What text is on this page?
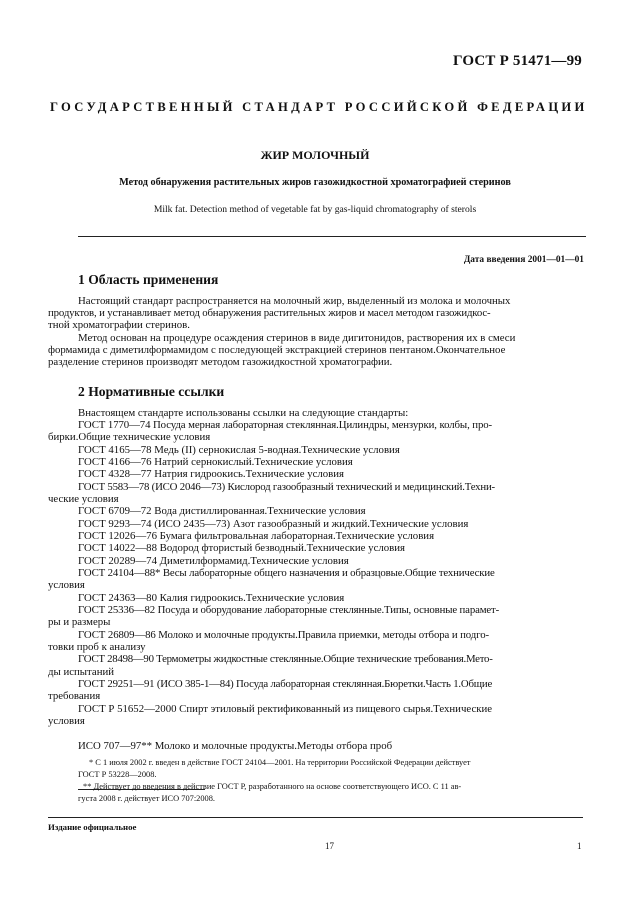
ГОСТ Р 51471—99
ГОСУДАРСТВЕННЫЙ СТАНДАРТ РОССИЙСКОЙ ФЕДЕРАЦИИ
ЖИР МОЛОЧНЫЙ
Метод обнаружения растительных жиров газожидкостной хроматографией стеринов
Milk fat. Detection method of vegetable fat by gas-liquid chromatography of sterols
Дата введения 2001—01—01
1 Область применения
Настоящий стандарт распространяется на молочный жир, выделенный из молока и молочных
продуктов, и устанавливает метод обнаружения растительных жиров и масел методом газожидкос-
тной хроматографии стеринов.
Метод основан на процедуре осаждения стеринов в виде дигитонидов, растворения их в смеси
формамида с диметилформамидом с последующей экстракцией стеринов пентаном.Окончательное
разделение стеринов производят методом газожидкостной хроматографии.
2 Нормативные ссылки
Внастоящем стандарте использованы ссылки на следующие стандарты:
ГОСТ 1770—74 Посуда мерная лабораторная стеклянная.Цилиндры, мензурки, колбы, про-
бирки.Общие технические условия
ГОСТ 4165—78 Медь (II) сернокислая 5-водная.Технические условия
ГОСТ 4166—76 Натрий сернокислый.Технические условия
ГОСТ 4328—77 Натрия гидроокись.Технические условия
ГОСТ 5583—78 (ИСО 2046—73) Кислород газообразный технический и медицинский.Техни-
ческие условия
ГОСТ 6709—72 Вода дистиллированная.Технические условия
ГОСТ 9293—74 (ИСО 2435—73) Азот газообразный и жидкий.Технические условия
ГОСТ 12026—76 Бумага фильтровальная лабораторная.Технические условия
ГОСТ 14022—88 Водород фтористый безводный.Технические условия
ГОСТ 20289—74 Диметилформамид.Технические условия
ГОСТ 24104—88* Весы лабораторные общего назначения и образцовые.Общие технические
условия
ГОСТ 24363—80 Калия гидроокись.Технические условия
ГОСТ 25336—82 Посуда и оборудование лабораторные стеклянные.Типы, основные парамет-
ры и размеры
ГОСТ 26809—86 Молоко и молочные продукты.Правила приемки, методы отбора и подго-
товки проб к анализу
ГОСТ 28498—90 Термометры жидкостные стеклянные.Общие технические требования.Мето-
ды испытаний
ГОСТ 29251—91 (ИСО 385-1—84) Посуда лабораторная стеклянная.Бюретки.Часть 1.Общие
требования
ГОСТ Р 51652—2000 Спирт этиловый ректификованный из пищевого сырья.Технические
условия
ИСО 707—97** Молоко и молочные продукты.Методы отбора проб
* С 1 июля 2002 г. введен в действие ГОСТ 24104—2001. На территории Российской Федерации действует
ГОСТ Р 53228—2008.
** Действует до введения в действие ГОСТ Р, разработанного на основе соответствующего ИСО. С 11 ав-
густа 2008 г. действует ИСО 707:2008.
Издание официальное
17	1
